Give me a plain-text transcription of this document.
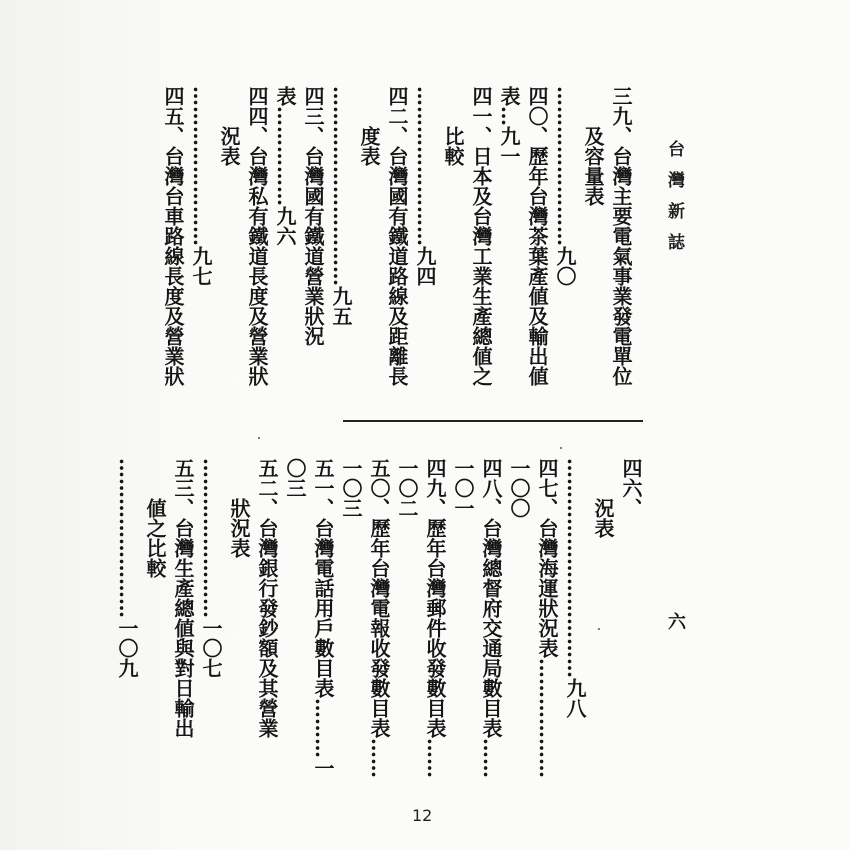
台灣新誌
六
三九、台灣主要電氣事業發電單位
及容量表
……………………九〇
四〇、歷年台灣茶葉產値及輸出値表…九一
四一、日本及台灣工業生產總値之
比較
……………………九四
四二、台灣國有鐵道路線及距離長
度表
…………………………九五
四三、台灣國有鐵道營業狀況表……………九六
四四、台灣私有鐵道長度及營業狀
況表
……………………九七
四五、台灣台車路線長度及營業狀
四六、
況表
……………………………九八
四七、台灣海運狀況表………………一〇〇
四八、台灣總督府交通局數目表……一〇一
四九、歷年台灣郵件收發數目表……一〇二
五〇、歷年台灣電報收發數目表……一〇三
五一、台灣電話用戶數目表………一〇三
五二、台灣銀行發鈔額及其營業
狀況表
……………………一〇七
五三、台灣生產總値與對日輸出
値之比較
……………………一〇九
12
